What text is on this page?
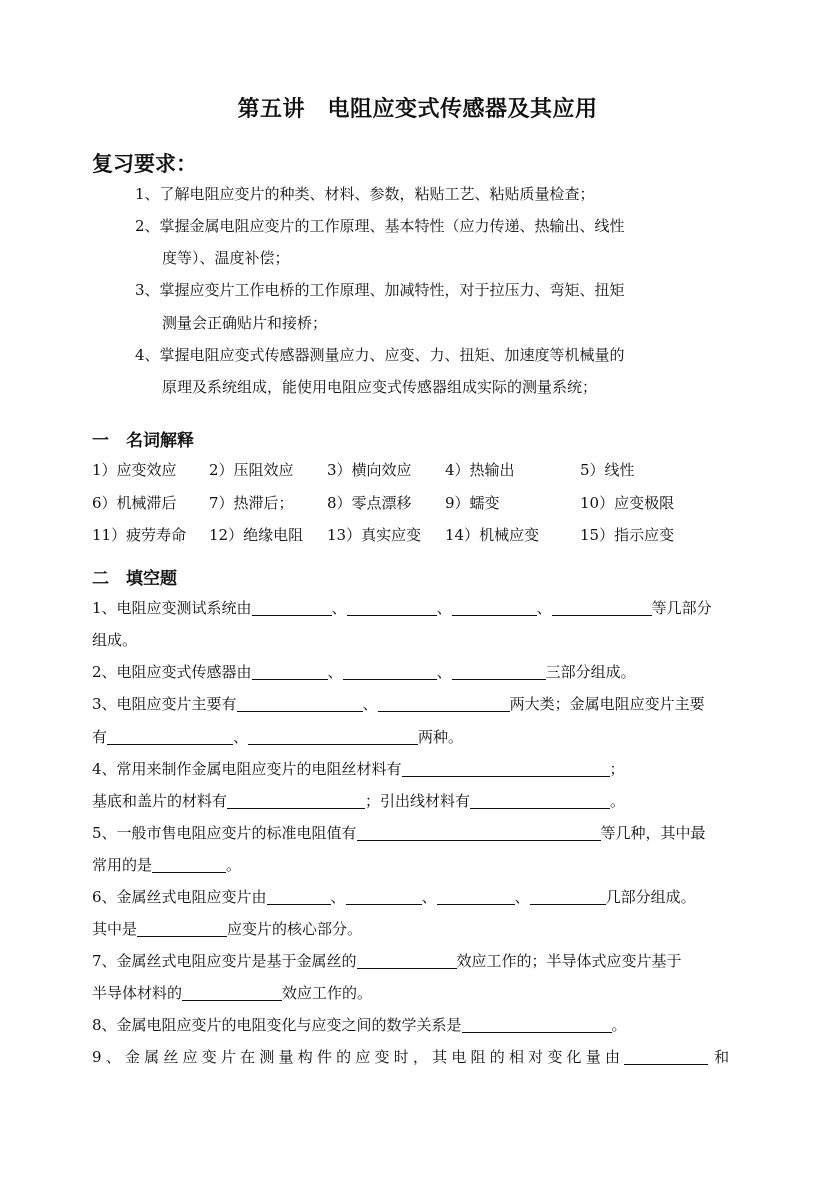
第五讲　电阻应变式传感器及其应用
复习要求：
1、了解电阻应变片的种类、材料、参数，粘贴工艺、粘贴质量检查；
2、掌握金属电阻应变片的工作原理、基本特性（应力传递、热输出、线性
度等）、温度补偿；
3、掌握应变片工作电桥的工作原理、加减特性，对于拉压力、弯矩、扭矩
测量会正确贴片和接桥；
4、掌握电阻应变式传感器测量应力、应变、力、扭矩、加速度等机械量的
原理及系统组成，能使用电阻应变式传感器组成实际的测量系统；
一　名词解释
1）应变效应 2）压阻效应 3）横向效应 4）热输出	5）线性
6）机械滞后 7）热滞后； 8）零点漂移 9）蠕变	10）应变极限
11）疲劳寿命 12）绝缘电阻 13）真实应变 14）机械应变	15）指示应变
二　填空题
1、电阻应变测试系统由	、	、	、	等几部分
组成。
2、电阻应变式传感器由	、	、	三部分组成。
3、电阻应变片主要有	、	两大类；金属电阻应变片主要
有	、	两种。
4、常用来制作金属电阻应变片的电阻丝材料有	；
基底和盖片的材料有	；引出线材料有	。
5、一般市售电阻应变片的标准电阻值有	等几种，其中最
常用的是	。
6、金属丝式电阻应变片由	、	、	、	几部分组成。
其中是	应变片的核心部分。
7、金属丝式电阻应变片是基于金属丝的	效应工作的；半导体式应变片基于
半导体材料的	效应工作的。
8、金属电阻应变片的电阻变化与应变之间的数学关系是	。
9、金属丝应变片在测量构件的应变时，其电阻的相对变化量由	和
